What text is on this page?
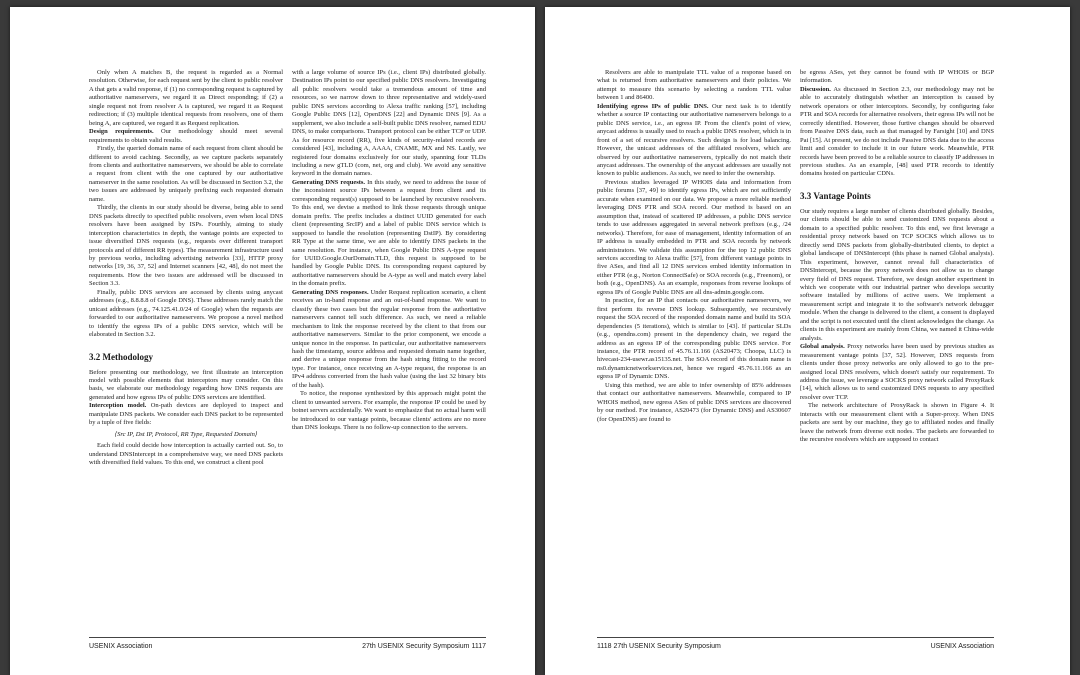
Only when A matches B, the request is regarded as a Normal resolution. Otherwise, for each request sent by the client to public resolver A that gets a valid response, if (1) no corresponding request is captured by authoritative nameservers, we regard it as Direct responding; if (2) a single request not from resolver A is captured, we regard it as Request redirection; if (3) multiple identical requests from resolvers, one of them being A, are captured, we regard it as Request replication.

Design requirements. Our methodology should meet several requirements to obtain valid results.

Firstly, the queried domain name of each request from client should be different to avoid caching. Secondly, as we capture packets separately from clients and authoritative nameservers, we should be able to correlate a request from client with the one captured by our authoritative nameserver in the same resolution. As will be discussed in Section 3.2, the two issues are addressed by uniquely prefixing each requested domain name.

Thirdly, the clients in our study should be diverse, being able to send DNS packets directly to specified public resolvers, even when local DNS resolvers have been assigned by ISPs. Fourthly, aiming to study interception characteristics in depth, the vantage points are expected to issue diversified DNS requests (e.g., requests over different transport protocols and of different RR types). The measurement infrastructure used by previous works, including advertising networks [33], HTTP proxy networks [19, 36, 37, 52] and Internet scanners [42, 48], do not meet the requirements. How the two issues are addressed will be discussed in Section 3.3.

Finally, public DNS services are accessed by clients using anycast addresses (e.g., 8.8.8.8 of Google DNS). These addresses rarely match the unicast addresses (e.g., 74.125.41.0/24 of Google) when the requests are forwarded to our authoritative nameservers. We propose a novel method to identify the egress IPs of a public DNS service, which will be elaborated in Section 3.2.

3.2 Methodology

Before presenting our methodology, we first illustrate an interception model with possible elements that interceptors may consider. On this basis, we elaborate our methodology regarding how DNS requests are generated and how egress IPs of public DNS services are identified.

Interception model. On-path devices are deployed to inspect and manipulate DNS packets. We consider each DNS packet to be represented by a tuple of five fields:

⟨Src IP, Dst IP, Protocol, RR Type, Requested Domain⟩

Each field could decide how interception is actually carried out. So, to understand DNSIntercept in a comprehensive way, we need DNS packets with diversified field values. To this end, we construct a client pool

with a large volume of source IPs (i.e., client IPs) distributed globally. Destination IPs point to our specified public DNS resolvers. Investigating all public resolvers would take a tremendous amount of time and resources, so we narrow down to three representative and widely-used public DNS services according to Alexa traffic ranking [57], including Google Public DNS [12], OpenDNS [22] and Dynamic DNS [9]. As a supplement, we also include a self-built public DNS resolver, named EDU DNS, to make comparisons. Transport protocol can be either TCP or UDP. As for resource record (RR), five kinds of security-related records are considered [43], including A, AAAA, CNAME, MX and NS. Lastly, we registered four domains exclusively for our study, spanning four TLDs including a new gTLD (com, net, org and club). We avoid any sensitive keyword in the domain names.

Generating DNS requests. In this study, we need to address the issue of the inconsistent source IPs between a request from client and its corresponding request(s) supposed to be launched by recursive resolvers. To this end, we devise a method to link those requests through unique domain prefix. The prefix includes a distinct UUID generated for each client (representing SrcIP) and a label of public DNS service which is supposed to handle the resolution (representing DstIP). By considering RR Type at the same time, we are able to identify DNS packets in the same resolution. For instance, when Google Public DNS A-type request for UUID.Google.OurDomain.TLD, this request is supposed to be handled by Google Public DNS. Its corresponding request captured by authoritative nameservers should be A-type as well and match every label in the domain prefix.

Generating DNS responses. Under Request replication scenario, a client receives an in-band response and an out-of-band response. We want to classify these two cases but the regular response from the authoritative nameservers cannot tell such difference. As such, we need a reliable mechanism to link the response received by the client to that from our authoritative nameservers. Similar to the prior component, we encode a unique nonce in the response. In particular, our authoritative nameservers hash the timestamp, source address and requested domain name together, and derive a unique response from the hash string fitting to the record type. For instance, once receiving an A-type request, the response is an IPv4 address converted from the hash value (using the last 32 binary bits of the hash).

To notice, the response synthesized by this approach might point the client to unwanted servers. For example, the response IP could be used by botnet servers accidentally. We want to emphasize that no actual harm will be introduced to our vantage points, because clients' actions are no more than DNS lookups. There is no follow-up connection to the servers.

USENIX Association	27th USENIX Security Symposium 1117

Resolvers are able to manipulate TTL value of a response based on what is returned from authoritative nameservers and their policies. We attempt to measure this scenario by selecting a random TTL value between 1 and 86400.

Identifying egress IPs of public DNS. Our next task is to identify whether a source IP contacting our authoritative nameservers belongs to a public DNS service, i.e., an egress IP. From the client's point of view, anycast address is usually used to reach a public DNS resolver, which is in front of a set of recursive resolvers. Such design is for load balancing. However, the unicast addresses of the affiliated resolvers, which are observed by our authoritative nameservers, typically do not match their anycast addresses. The ownership of the anycast addresses are usually not known to public audiences. As such, we need to infer the ownership.

Previous studies leveraged IP WHOIS data and information from public forums [37, 49] to identify egress IPs, which are not sufficiently accurate when examined on our data. We propose a more reliable method leveraging DNS PTR and SOA record. Our method is based on an assumption that, instead of scattered IP addresses, a public DNS service tends to use addresses aggregated in several network prefixes (e.g., /24 networks). Therefore, for ease of management, identity information of an IP address is usually embedded in PTR and SOA records by network administrators. We validate this assumption for the top 12 public DNS services according to Alexa traffic [57], from different vantage points in five ASes, and find all 12 DNS services embed identity information in either PTR (e.g., Norton ConnectSafe) or SOA records (e.g., Freenom), or both (e.g., OpenDNS). As an example, responses from reverse lookups of egress IPs of Google Public DNS are all dns-admin.google.com.

In practice, for an IP that contacts our authoritative nameservers, we first perform its reverse DNS lookup. Subsequently, we recursively request the SOA record of the responded domain name and build its SOA dependencies (5 iterations), which is similar to [43]. If particular SLDs (e.g., opendns.com) present in the dependency chain, we regard the address as an egress IP of the corresponding public DNS service. For instance, the PTR record of 45.76.11.166 (AS20473; Choopa, LLC) is hivecast-234-usewr.as15135.net. The SOA record of this domain name is ns0.dynamicnetworkservices.net, hence we regard 45.76.11.166 as an egress IP of Dynamic DNS.

Using this method, we are able to infer ownership of 85% addresses that contact our authoritative nameservers. Meanwhile, compared to IP WHOIS method, new egress ASes of public DNS services are discovered by our method. For instance, AS20473 (for Dynamic DNS) and AS30607 (for OpenDNS) are found to

be egress ASes, yet they cannot be found with IP WHOIS or BGP information.

Discussion. As discussed in Section 2.3, our methodology may not be able to accurately distinguish whether an interception is caused by network operators or other interceptors. Secondly, by configuring fake PTR and SOA records for alternative resolvers, their egress IPs will not be correctly identified. However, those furtive changes should be observed from Passive DNS data, such as that managed by Farsight [10] and DNS Pai [15]. At present, we do not include Passive DNS data due to the access limit and consider to include it in our future work. Meanwhile, PTR records have been proved to be a reliable source to classify IP addresses in previous studies. As an example, [48] used PTR records to identify domains hosted on particular CDNs.

3.3 Vantage Points

Our study requires a large number of clients distributed globally. Besides, our clients should be able to send customized DNS requests about a domain to a specified public resolver. To this end, we first leverage a residential proxy network based on TCP SOCKS which allows us to directly send DNS packets from globally-distributed clients, to depict a global landscape of DNSIntercept (this phase is named Global analysis). This experiment, however, cannot reveal full characteristics of DNSIntercept, because the proxy network does not allow us to change every field of DNS request. Therefore, we design another experiment in which we cooperate with our industrial partner who develops security software installed by millions of active users. We implement a measurement script and integrate it to the software's network debugger module. When the change is delivered to the client, a consent is displayed and the script is not executed until the client acknowledges the change. As clients in this experiment are mainly from China, we named it China-wide analysis.

Global analysis. Proxy networks have been used by previous studies as measurement vantage points [37, 52]. However, DNS requests from clients under those proxy networks are only allowed to go to the pre-assigned local DNS resolvers, which doesn't satisfy our requirement. To address the issue, we leverage a SOCKS proxy network called ProxyRack [14], which allows us to send customized DNS requests to any specified resolver over TCP.

The network architecture of ProxyRack is shown in Figure 4. It interacts with our measurement client with a Super-proxy. When DNS packets are sent by our machine, they go to affiliated nodes and finally leave the network from diverse exit nodes. The packets are forwarded to the recursive resolvers which are supposed to contact

1118 27th USENIX Security Symposium	USENIX Association
